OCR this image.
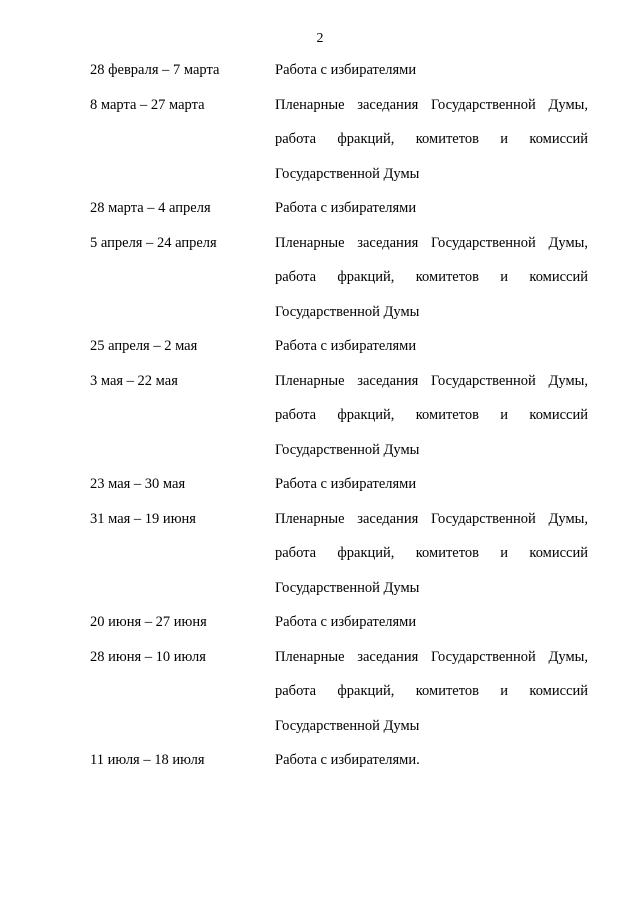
2
28 февраля – 7 марта	Работа с избирателями
8 марта – 27 марта	Пленарные заседания Государственной Думы,
работа фракций, комитетов и комиссий
Государственной Думы
28 марта – 4 апреля	Работа с избирателями
5 апреля – 24 апреля	Пленарные заседания Государственной Думы,
работа фракций, комитетов и комиссий
Государственной Думы
25 апреля – 2 мая	Работа с избирателями
3 мая – 22 мая	Пленарные заседания Государственной Думы,
работа фракций, комитетов и комиссий
Государственной Думы
23 мая – 30 мая	Работа с избирателями
31 мая – 19 июня	Пленарные заседания Государственной Думы,
работа фракций, комитетов и комиссий
Государственной Думы
20 июня – 27 июня	Работа с избирателями
28 июня – 10 июля	Пленарные заседания Государственной Думы,
работа фракций, комитетов и комиссий
Государственной Думы
11 июля – 18 июля	Работа с избирателями.
